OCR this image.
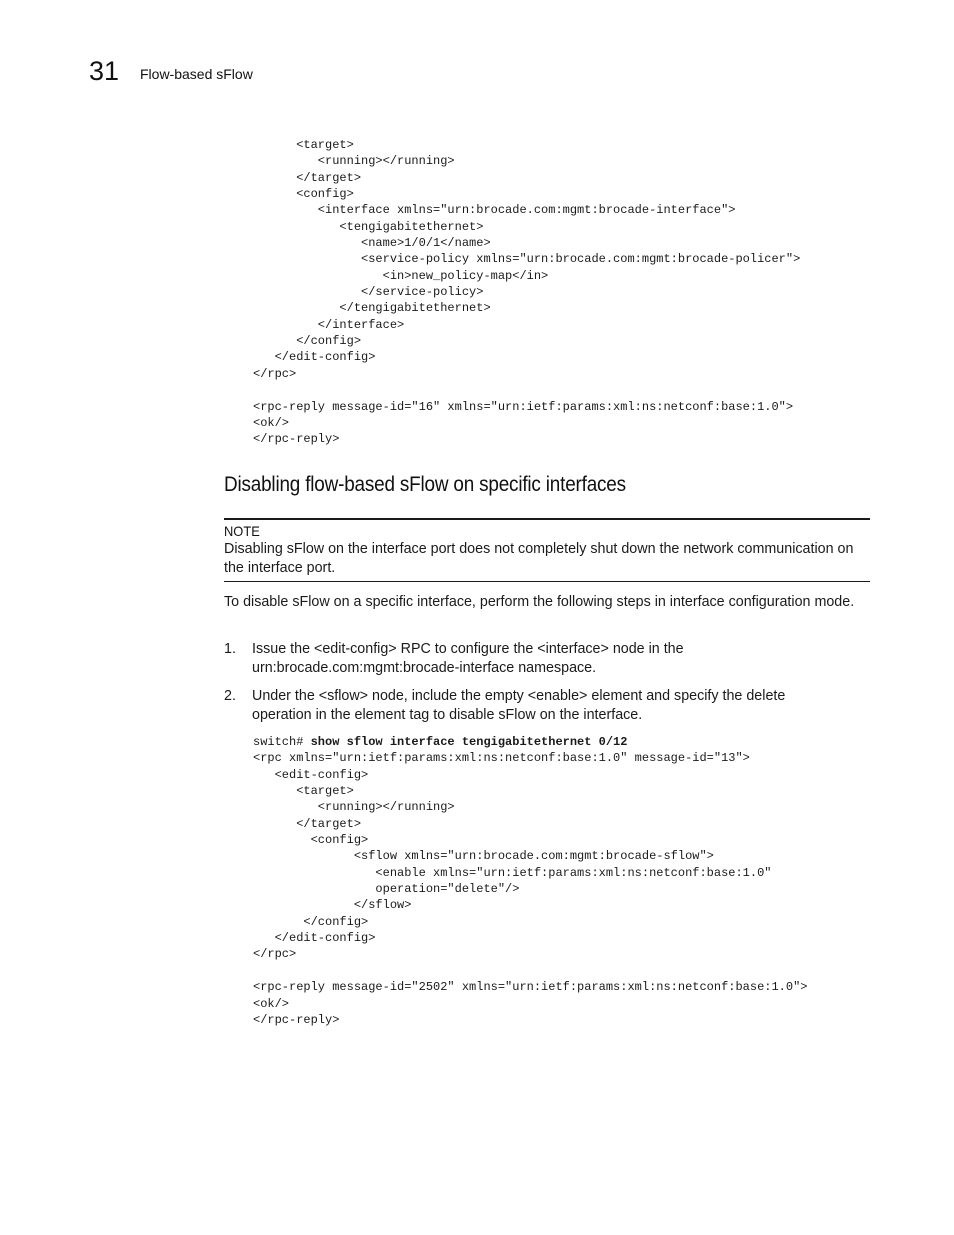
31 Flow-based sFlow
<target>
<running></running>
</target>
<config>
<interface xmlns="urn:brocade.com:mgmt:brocade-interface">
<tengigabitethernet>
<name>1/0/1</name>
<service-policy xmlns="urn:brocade.com:mgmt:brocade-policer">
<in>new_policy-map</in>
</service-policy>
</tengigabitethernet>
</interface>
</config>
</edit-config>
</rpc>
<rpc-reply message-id="16" xmlns="urn:ietf:params:xml:ns:netconf:base:1.0">
<ok/>
</rpc-reply>
Disabling flow-based sFlow on specific interfaces
NOTE
Disabling sFlow on the interface port does not completely shut down the network communication on the interface port.
To disable sFlow on a specific interface, perform the following steps in interface configuration mode.
1. Issue the <edit-config> RPC to configure the <interface> node in the urn:brocade.com:mgmt:brocade-interface namespace.
2. Under the <sflow> node, include the empty <enable> element and specify the delete operation in the element tag to disable sFlow on the interface.
switch# show sflow interface tengigabitethernet 0/12
<rpc xmlns="urn:ietf:params:xml:ns:netconf:base:1.0" message-id="13">
<edit-config>
<target>
<running></running>
</target>
<config>
<sflow xmlns="urn:brocade.com:mgmt:brocade-sflow">
<enable xmlns="urn:ietf:params:xml:ns:netconf:base:1.0"
operation="delete"/>
</sflow>
</config>
</edit-config>
</rpc>
<rpc-reply message-id="2502" xmlns="urn:ietf:params:xml:ns:netconf:base:1.0">
<ok/>
</rpc-reply>
